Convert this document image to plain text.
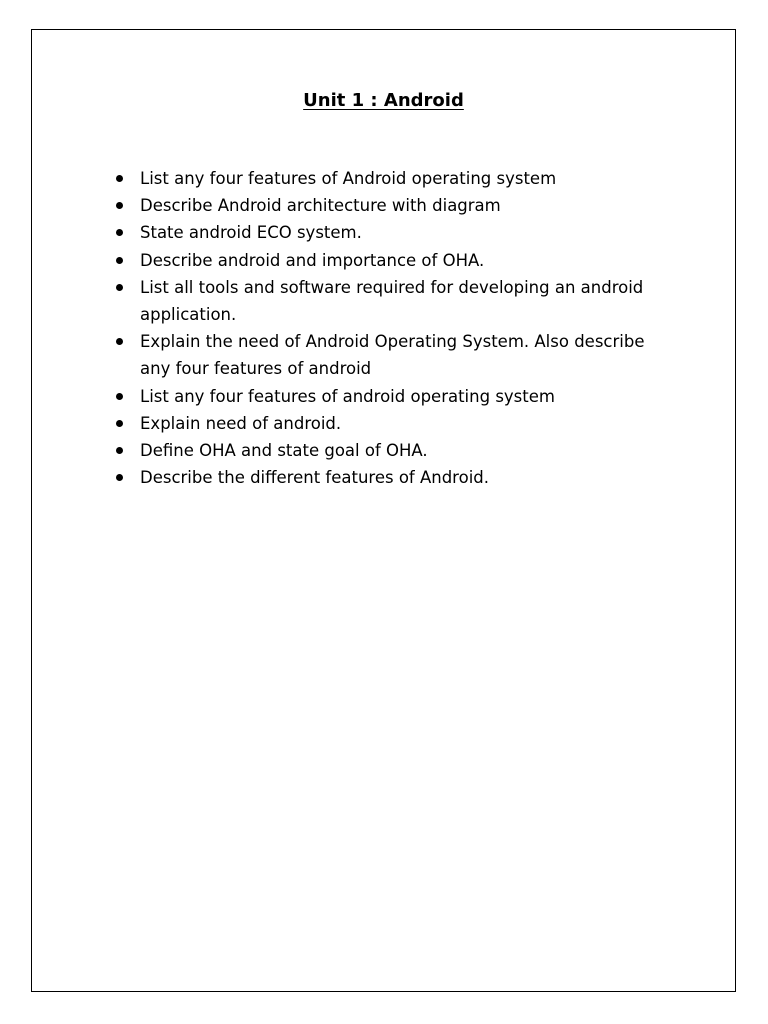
Unit 1 : Android
List any four features of Android operating system
Describe Android architecture with diagram
State android ECO system.
Describe android and importance of OHA.
List all tools and software required for developing an android application.
Explain the need of Android Operating System. Also describe any four features of android
List any four features of android operating system
Explain need of android.
Define OHA and state goal of OHA.
Describe the different features of Android.
